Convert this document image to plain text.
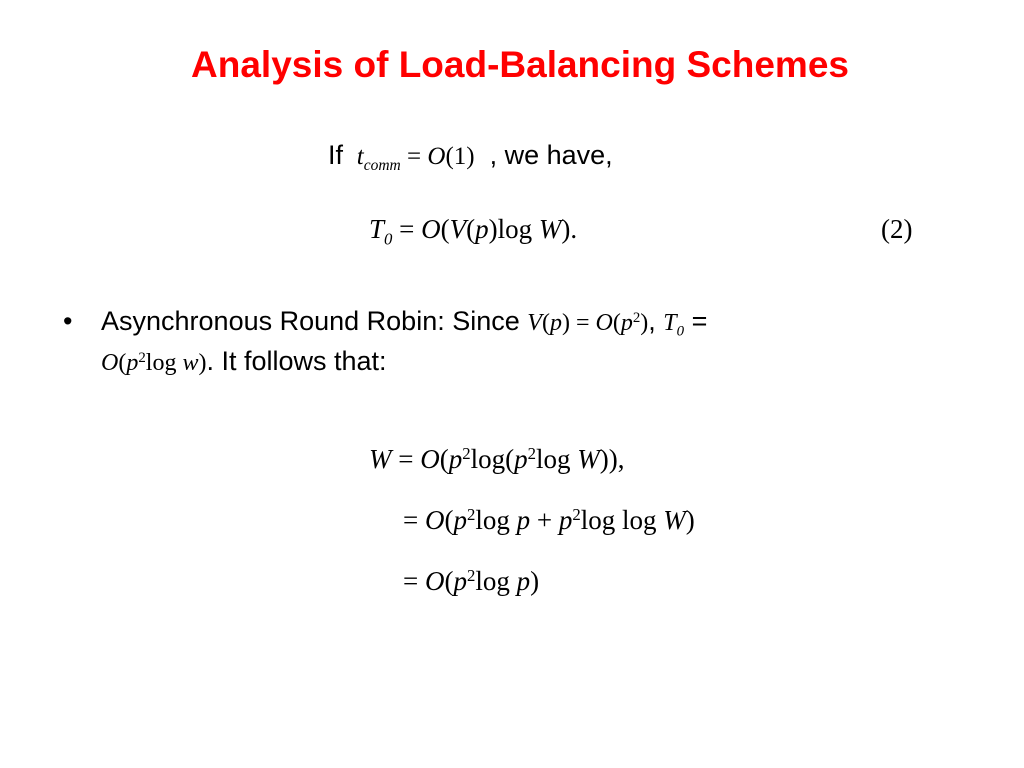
Analysis of Load-Balancing Schemes
If $t_{comm} = O(1)$ , we have,
$T_0 = O(V(p)\log$ W).	(2)
• Asynchronous Round Robin: Since $V(p) = O(p^2)$, $T_0$ =
$O(p^2\log$ w). It follows that:
$W = O(p^2\log(p^2\log$ W)),
= $O(p^2\log$ $p + p^2\log$ log W)
= $O(p^2\log$ p)
